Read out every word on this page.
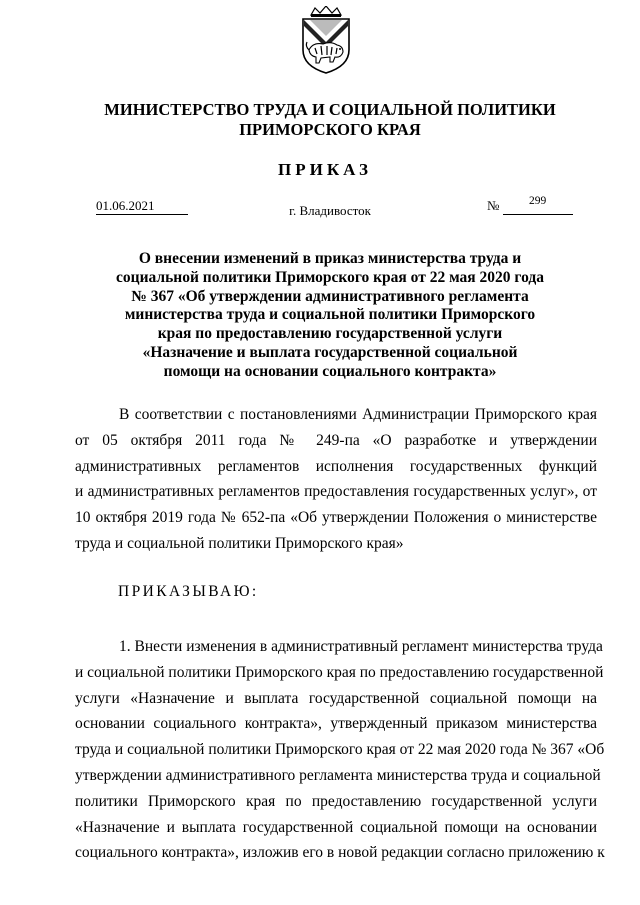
МИНИСТЕРСТВО ТРУДА И СОЦИАЛЬНОЙ ПОЛИТИКИ
ПРИМОРСКОГО КРАЯ
ПРИКАЗ
01.06.2021	г. Владивосток	№	299
О внесении изменений в приказ министерства труда и
социальной политики Приморского края от 22 мая 2020 года
№ 367 «Об утверждении административного регламента
министерства труда и социальной политики Приморского
края по предоставлению государственной услуги
«Назначение и выплата государственной социальной
помощи на основании социального контракта»
В соответствии с постановлениями Администрации Приморского края
от 05 октября 2011 года № 249-па «О разработке и утверждении
административных регламентов исполнения государственных функций
и административных регламентов предоставления государственных услуг», от
10 октября 2019 года № 652-па «Об утверждении Положения о министерстве
труда и социальной политики Приморского края»
ПРИКАЗЫВАЮ:
1. Внести изменения в административный регламент министерства труда
и социальной политики Приморского края по предоставлению государственной
услуги «Назначение и выплата государственной социальной помощи на
основании социального контракта», утвержденный приказом министерства
труда и социальной политики Приморского края от 22 мая 2020 года № 367 «Об
утверждении административного регламента министерства труда и социальной
политики Приморского края по предоставлению государственной услуги
«Назначение и выплата государственной социальной помощи на основании
социального контракта», изложив его в новой редакции согласно приложению к
